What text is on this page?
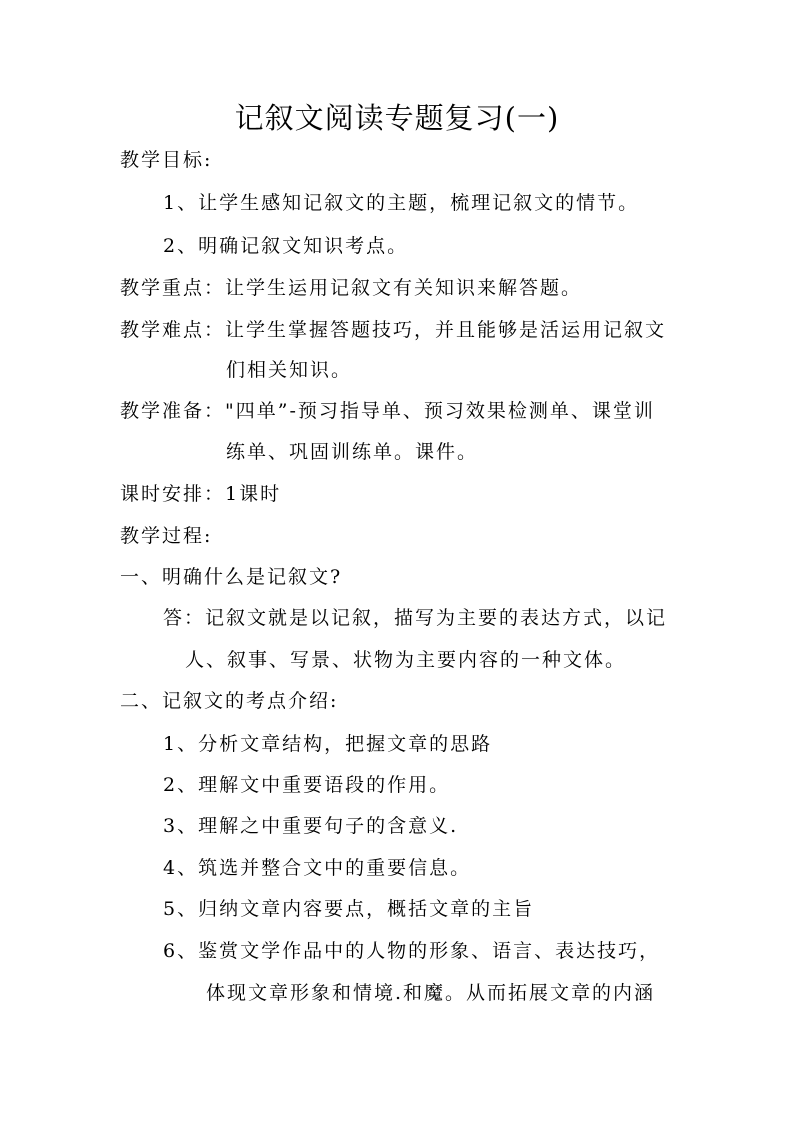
记叙文阅读专题复习(一)
教学目标:
1、让学生感知记叙文的主题，梳理记叙文的情节。
2、明确记叙文知识考点。
教学重点：让学生运用记叙文有关知识来解答题。
教学难点：让学生掌握答题技巧，并且能够是活运用记叙文
们相关知识。
教学准备："四单”-预习指导单、预习效果检测单、课堂训
练单、巩固训练单。课件。
课时安排：1课时
教学过程:
一、明确什么是记叙文?
答：记叙文就是以记叙，描写为主要的表达方式，以记
人、叙事、写景、状物为主要内容的一种文体。
二、记叙文的考点介绍:
1、分析文章结构，把握文章的思路
2、理解文中重要语段的作用。
3、理解之中重要句子的含意义.
4、筑选并整合文中的重要信息。
5、归纳文章内容要点，概括文章的主旨
6、鉴赏文学作品中的人物的形象、语言、表达技巧，
体现文章形象和情境.和魔。从而拓展文章的内涵
